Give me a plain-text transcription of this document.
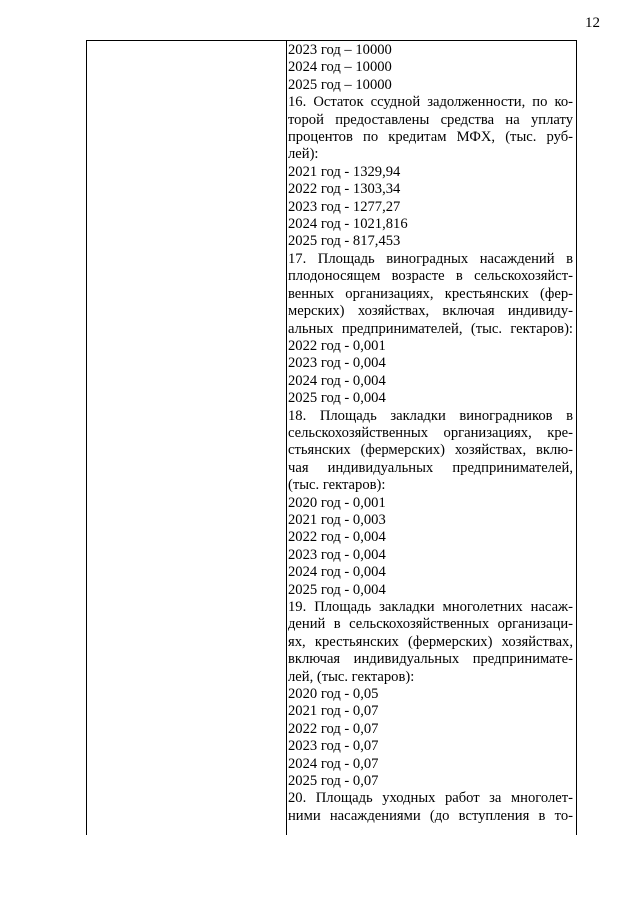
12
2023 год – 10000
2024 год – 10000
2025 год – 10000
16. Остаток ссудной задолженности, по ко-
торой предоставлены средства на уплату
процентов по кредитам МФХ, (тыс. руб-
лей):
2021 год - 1329,94
2022 год - 1303,34
2023 год - 1277,27
2024 год - 1021,816
2025 год - 817,453
17. Площадь виноградных насаждений в
плодоносящем возрасте в сельскохозяйст-
венных организациях, крестьянских (фер-
мерских) хозяйствах, включая индивиду-
альных предпринимателей, (тыс. гектаров):
2022 год - 0,001
2023 год - 0,004
2024 год - 0,004
2025 год - 0,004
18. Площадь закладки виноградников в
сельскохозяйственных организациях, кре-
стьянских (фермерских) хозяйствах, вклю-
чая индивидуальных предпринимателей,
(тыс. гектаров):
2020 год - 0,001
2021 год - 0,003
2022 год - 0,004
2023 год - 0,004
2024 год - 0,004
2025 год - 0,004
19. Площадь закладки многолетних насаж-
дений в сельскохозяйственных организаци-
ях, крестьянских (фермерских) хозяйствах,
включая индивидуальных предпринимате-
лей, (тыс. гектаров):
2020 год - 0,05
2021 год - 0,07
2022 год - 0,07
2023 год - 0,07
2024 год - 0,07
2025 год - 0,07
20. Площадь уходных работ за многолет-
ними насаждениями (до вступления в то-
